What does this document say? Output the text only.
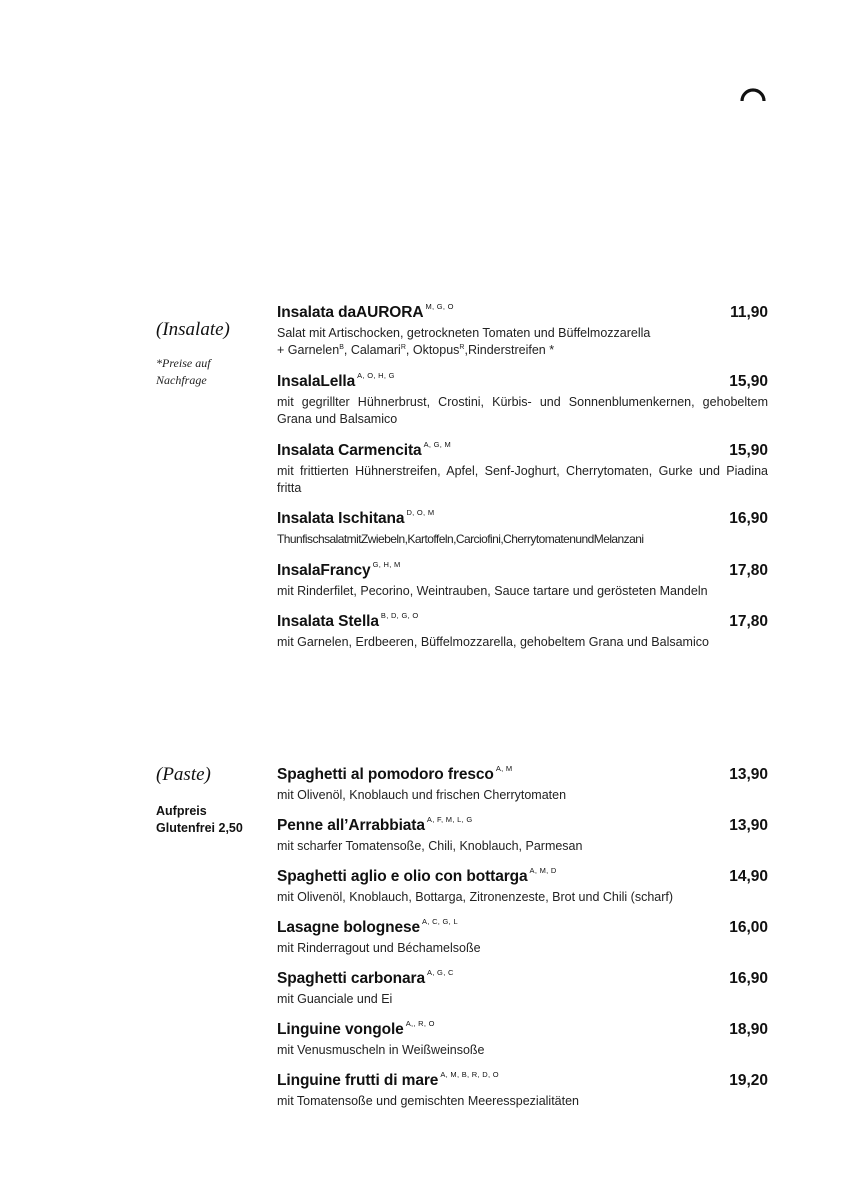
(Insalate)
*Preise auf Nachfrage
Insalata daAURORA $^{M, G, O}$	11,90
Salat mit Artischocken, getrockneten Tomaten und Büffelmozzarella
+ Garnelen$^B$, Calamari$^R$, Oktopus$^R$,Rinderstreifen *
InsalaLella $^{A, O, H, G}$	15,90
mit gegrillter Hühnerbrust, Crostini, Kürbis- und Sonnenblumenkernen, gehobeltem Grana und Balsamico
Insalata Carmencita $^{A, G, M}$	15,90
mit frittierten Hühnerstreifen, Apfel, Senf-Joghurt, Cherrytomaten, Gurke und Piadina fritta
Insalata Ischitana $^{D, O, M}$	16,90
ThunfischsalatmitZwiebeln,Kartoffeln,Carciofini,CherrytomatenundMelanzani
InsalaFrancy $^{G, H, M}$	17,80
mit Rinderfilet, Pecorino, Weintrauben, Sauce tartare und gerösteten Mandeln
Insalata Stella $^{B, D, G, O}$	17,80
mit Garnelen, Erdbeeren, Büffelmozzarella, gehobeltem Grana und Balsamico
(Paste)
Aufpreis Glutenfrei 2,50
Spaghetti al pomodoro fresco $^{A, M}$	13,90
mit Olivenöl, Knoblauch und frischen Cherrytomaten
Penne all’Arrabbiata $^{A, F, M, L, G}$	13,90
mit scharfer Tomatensoße, Chili, Knoblauch, Parmesan
Spaghetti aglio e olio con bottarga $^{A, M, D}$	14,90
mit Olivenöl, Knoblauch, Bottarga, Zitronenzeste, Brot und Chili (scharf)
Lasagne bolognese $^{A, C, G, L}$	16,00
mit Rinderragout und Béchamelsoße
Spaghetti carbonara $^{A, G, C}$	16,90
mit Guanciale und Ei
Linguine vongole $^{A,, R, O}$	18,90
mit Venusmuscheln in Weißweinsoße
Linguine frutti di mare $^{A, M, B, R, D, O}$	19,20
mit Tomatensoße und gemischten Meeresspezialitäten
